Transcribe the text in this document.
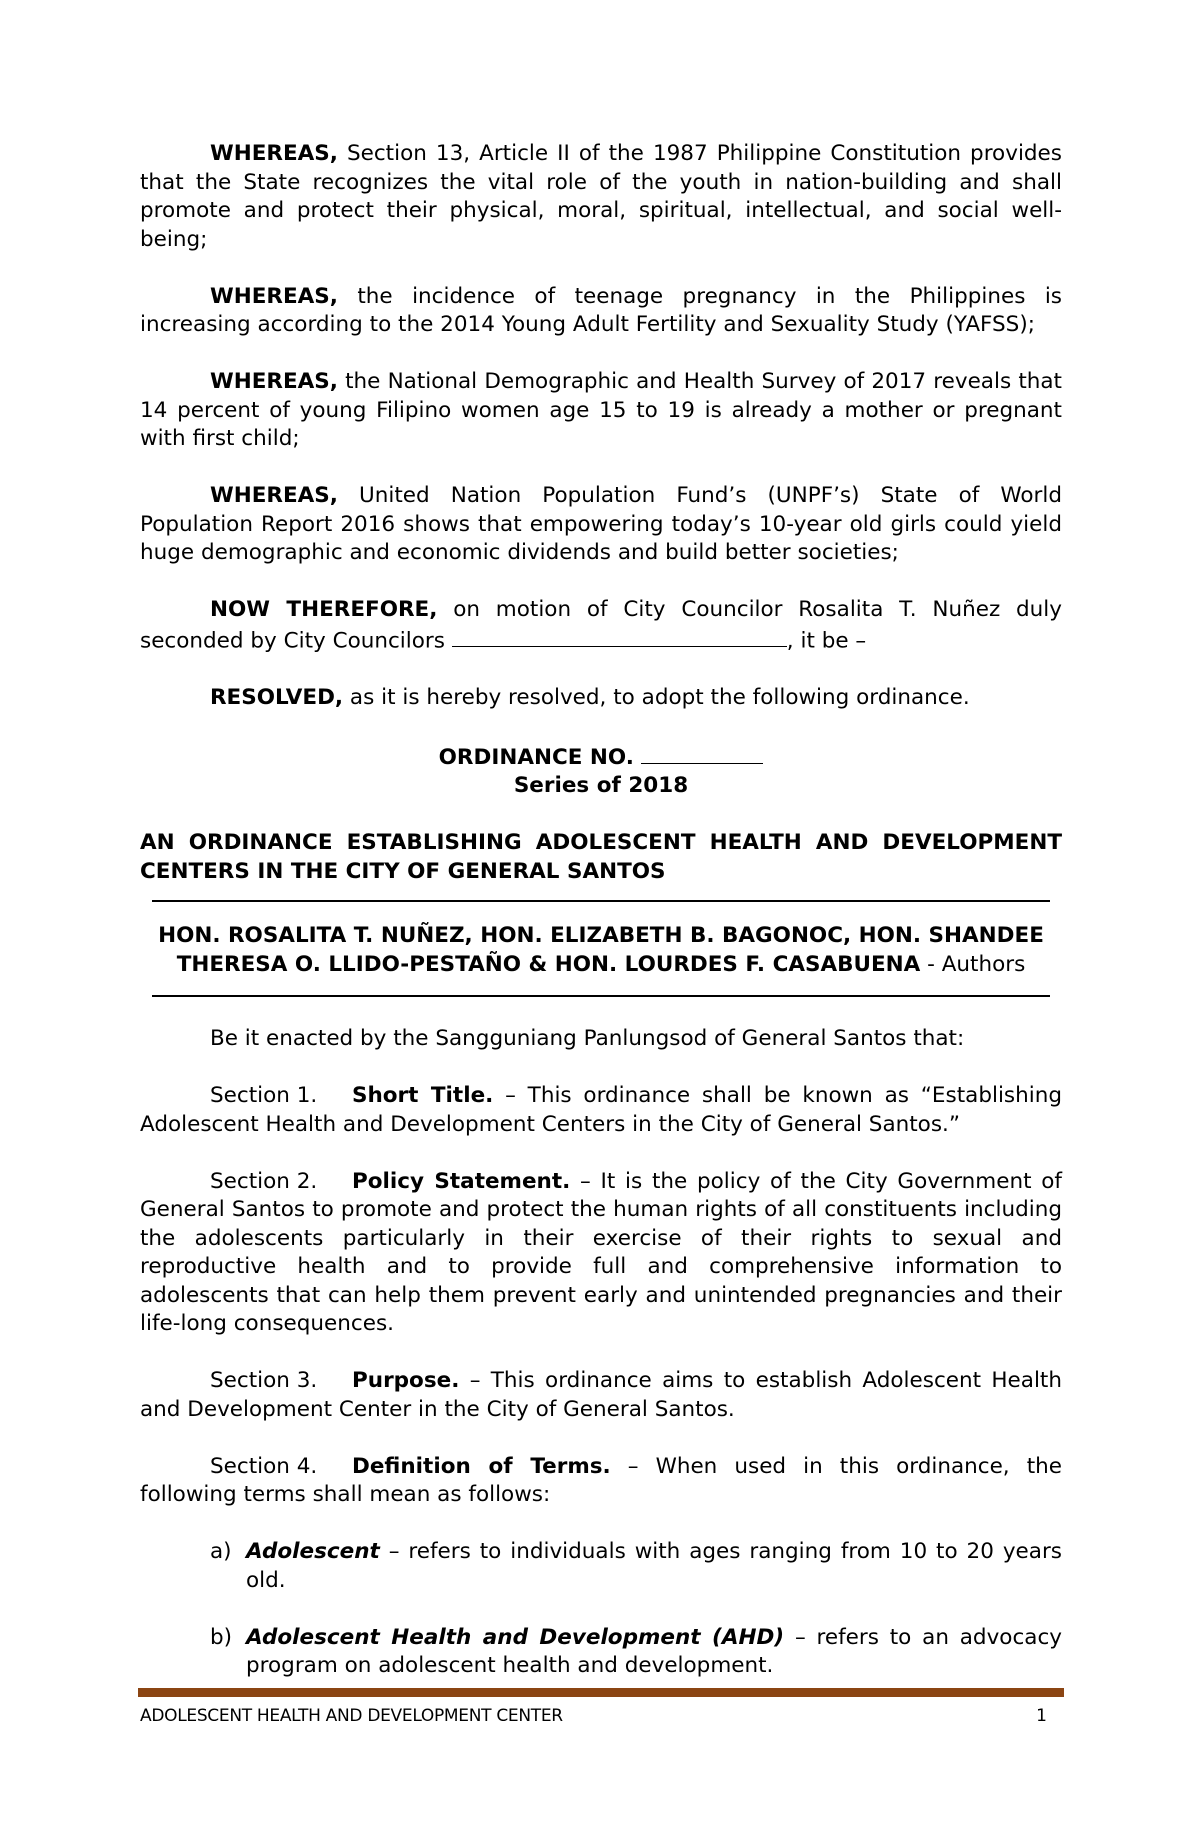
WHEREAS, Section 13, Article II of the 1987 Philippine Constitution provides that the State recognizes the vital role of the youth in nation-building and shall promote and protect their physical, moral, spiritual, intellectual, and social well-being;

WHEREAS, the incidence of teenage pregnancy in the Philippines is increasing according to the 2014 Young Adult Fertility and Sexuality Study (YAFSS);

WHEREAS, the National Demographic and Health Survey of 2017 reveals that 14 percent of young Filipino women age 15 to 19 is already a mother or pregnant with first child;

WHEREAS, United Nation Population Fund’s (UNPF’s) State of World Population Report 2016 shows that empowering today’s 10-year old girls could yield huge demographic and economic dividends and build better societies;

NOW THEREFORE, on motion of City Councilor Rosalita T. Nuñez duly seconded by City Councilors	, it be –

RESOLVED, as it is hereby resolved, to adopt the following ordinance.

ORDINANCE NO.

Series of 2018

AN ORDINANCE ESTABLISHING ADOLESCENT HEALTH AND DEVELOPMENT CENTERS IN THE CITY OF GENERAL SANTOS

HON. ROSALITA T. NUÑEZ, HON. ELIZABETH B. BAGONOC, HON. SHANDEE
THERESA O. LLIDO-PESTAÑO & HON. LOURDES F. CASABUENA - Authors

Be it enacted by the Sangguniang Panlungsod of General Santos that:

Section 1. Short Title. – This ordinance shall be known as “Establishing Adolescent Health and Development Centers in the City of General Santos.”

Section 2. Policy Statement. – It is the policy of the City Government of General Santos to promote and protect the human rights of all constituents including the adolescents particularly in their exercise of their rights to sexual and reproductive health and to provide full and comprehensive information to adolescents that can help them prevent early and unintended pregnancies and their life-long consequences.

Section 3. Purpose. – This ordinance aims to establish Adolescent Health and Development Center in the City of General Santos.

Section 4. Definition of Terms. – When used in this ordinance, the following terms shall mean as follows:

a) Adolescent – refers to individuals with ages ranging from 10 to 20 years old.
b) Adolescent Health and Development (AHD) – refers to an advocacy program on adolescent health and development.
ADOLESCENT HEALTH AND DEVELOPMENT CENTER	1
